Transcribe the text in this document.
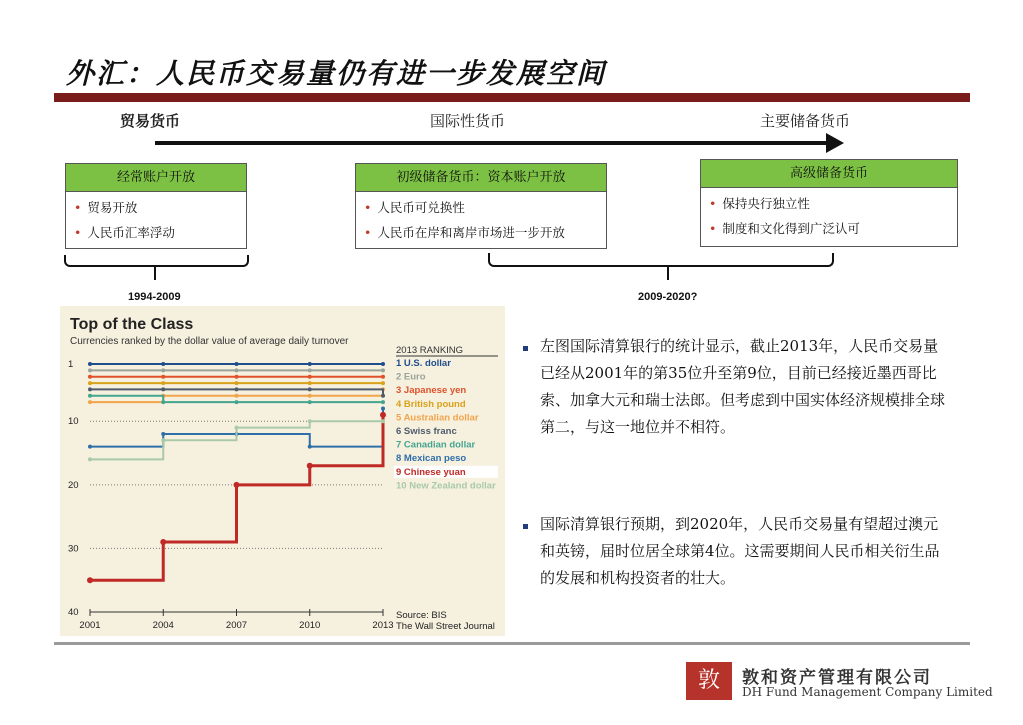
外汇：人民币交易量仍有进一步发展空间
贸易货币	国际性货币	主要储备货币
经常账户开放
• 贸易开放
• 人民币汇率浮动
初级储备货币：资本账户开放
• 人民币可兑换性
• 人民币在岸和离岸市场进一步开放
高级储备货币
• 保持央行独立性
• 制度和文化得到广泛认可
1994-2009	2009-2020?
Top of the Class
Currencies ranked by the dollar value of average daily turnover
1
10
20
30
40
2001	2004	2007	2010	2013
2013 RANKING
1 U.S. dollar
2 Euro
3 Japanese yen
4 British pound
5 Australian dollar
6 Swiss franc
7 Canadian dollar
8 Mexican peso
9 Chinese yuan
10 New Zealand dollar
Source: BIS
The Wall Street Journal
左图国际清算银行的统计显示，截止2013年，人民币交易量已经从2001年的第35位升至第9位，目前已经接近墨西哥比索、加拿大元和瑞士法郎。但考虑到中国实体经济规模排全球第二，与这一地位并不相符。
国际清算银行预期，到2020年，人民币交易量有望超过澳元和英镑，届时位居全球第4位。这需要期间人民币相关衍生品的发展和机构投资者的壮大。
敦	敦和资产管理有限公司
DH Fund Management Company Limited
